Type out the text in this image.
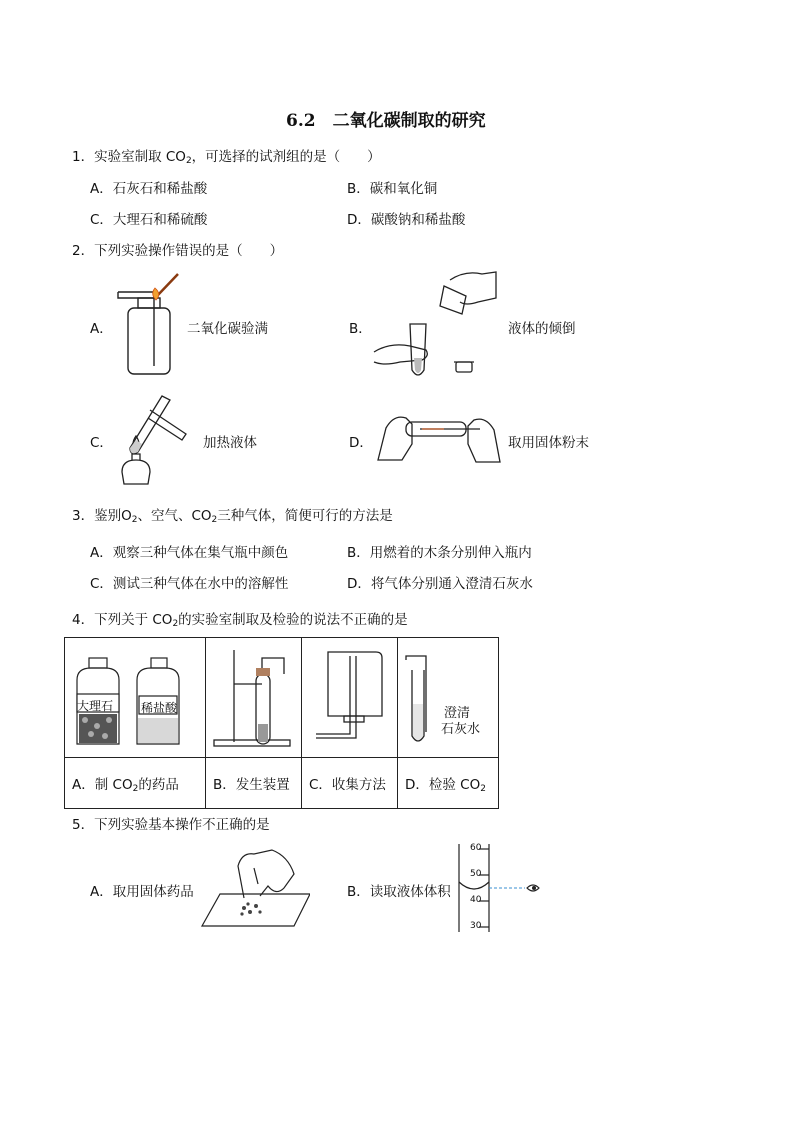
6.2　二氧化碳制取的研究
1．实验室制取 $CO_2$，可选择的试剂组的是（　　）
A．石灰石和稀盐酸	B．碳和氧化铜
C．大理石和稀硫酸	D．碳酸钠和稀盐酸
2．下列实验操作错误的是（　　）
A．	二氧化碳验满	B．	液体的倾倒
C．	加热液体	D．	取用固体粉末
3．鉴别$O_2$、空气、$CO_2$三种气体，简便可行的方法是
A．观察三种气体在集气瓶中颜色	B．用燃着的木条分别伸入瓶内
C．测试三种气体在水中的溶解性	D．将气体分别通入澄清石灰水
4．下列关于 $CO_2$的实验室制取及检验的说法不正确的是
大理石 稀盐酸			澄清
石灰水

A．制 $CO_2$的药品	B．发生装置	C．收集方法	D．检验 $CO_2$
5．下列实验基本操作不正确的是
A．取用固体药品	B．读取液体体积
60
50
40
30
